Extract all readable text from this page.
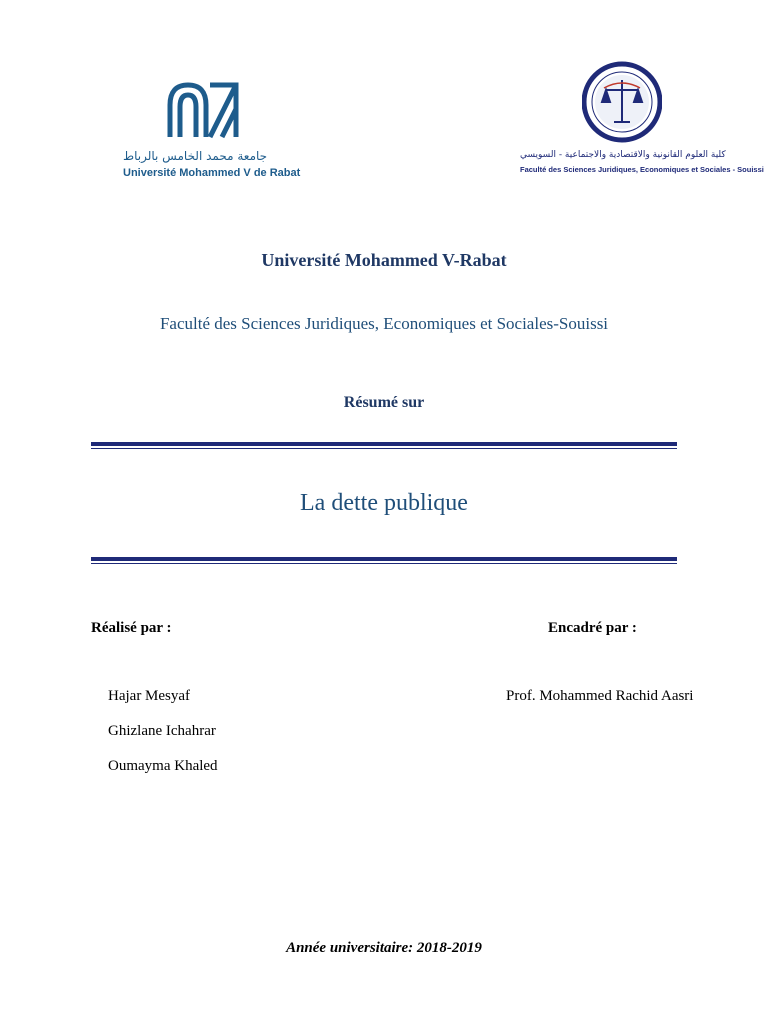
جامعة محمد الخامس بالرباط
Université Mohammed V de Rabat
كلية العلوم القانونية والاقتصادية والاجتماعية - السويسي
Faculté des Sciences Juridiques, Economiques et Sociales - Souissi
Université Mohammed V-Rabat
Faculté des Sciences Juridiques, Economiques et Sociales-Souissi
Résumé sur
La dette publique
Réalisé par :	Encadré par :
Hajar Mesyaf
Ghizlane Ichahrar
Oumayma Khaled
Prof. Mohammed Rachid Aasri
Année universitaire: 2018-2019
